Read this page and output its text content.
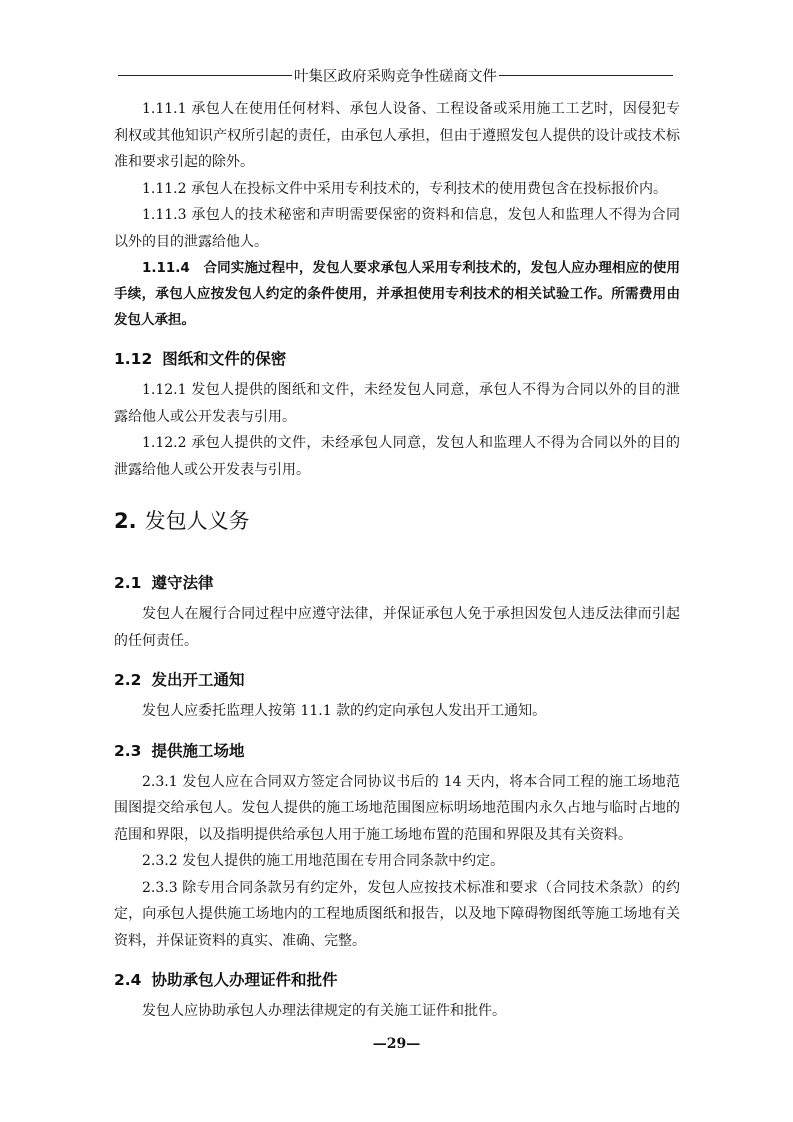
叶集区政府采购竞争性磋商文件

1.11.1 承包人在使用任何材料、承包人设备、工程设备或采用施工工艺时，因侵犯专利权或其他知识产权所引起的责任，由承包人承担，但由于遵照发包人提供的设计或技术标准和要求引起的除外。

1.11.2 承包人在投标文件中采用专利技术的，专利技术的使用费包含在投标报价内。

1.11.3 承包人的技术秘密和声明需要保密的资料和信息，发包人和监理人不得为合同以外的目的泄露给他人。

1.11.4　合同实施过程中，发包人要求承包人采用专利技术的，发包人应办理相应的使用手续，承包人应按发包人约定的条件使用，并承担使用专利技术的相关试验工作。所需费用由发包人承担。

1.12 图纸和文件的保密

1.12.1 发包人提供的图纸和文件，未经发包人同意，承包人不得为合同以外的目的泄露给他人或公开发表与引用。

1.12.2 承包人提供的文件，未经承包人同意，发包人和监理人不得为合同以外的目的泄露给他人或公开发表与引用。

2. 发包人义务
2.1 遵守法律

发包人在履行合同过程中应遵守法律，并保证承包人免于承担因发包人违反法律而引起的任何责任。

2.2 发出开工通知

发包人应委托监理人按第 11.1 款的约定向承包人发出开工通知。

2.3 提供施工场地

2.3.1 发包人应在合同双方签定合同协议书后的 14 天内，将本合同工程的施工场地范围图提交给承包人。发包人提供的施工场地范围图应标明场地范围内永久占地与临时占地的范围和界限，以及指明提供给承包人用于施工场地布置的范围和界限及其有关资料。

2.3.2 发包人提供的施工用地范围在专用合同条款中约定。

2.3.3 除专用合同条款另有约定外，发包人应按技术标准和要求（合同技术条款）的约定，向承包人提供施工场地内的工程地质图纸和报告，以及地下障碍物图纸等施工场地有关资料，并保证资料的真实、准确、完整。

2.4 协助承包人办理证件和批件

发包人应协助承包人办理法律规定的有关施工证件和批件。

—29—
